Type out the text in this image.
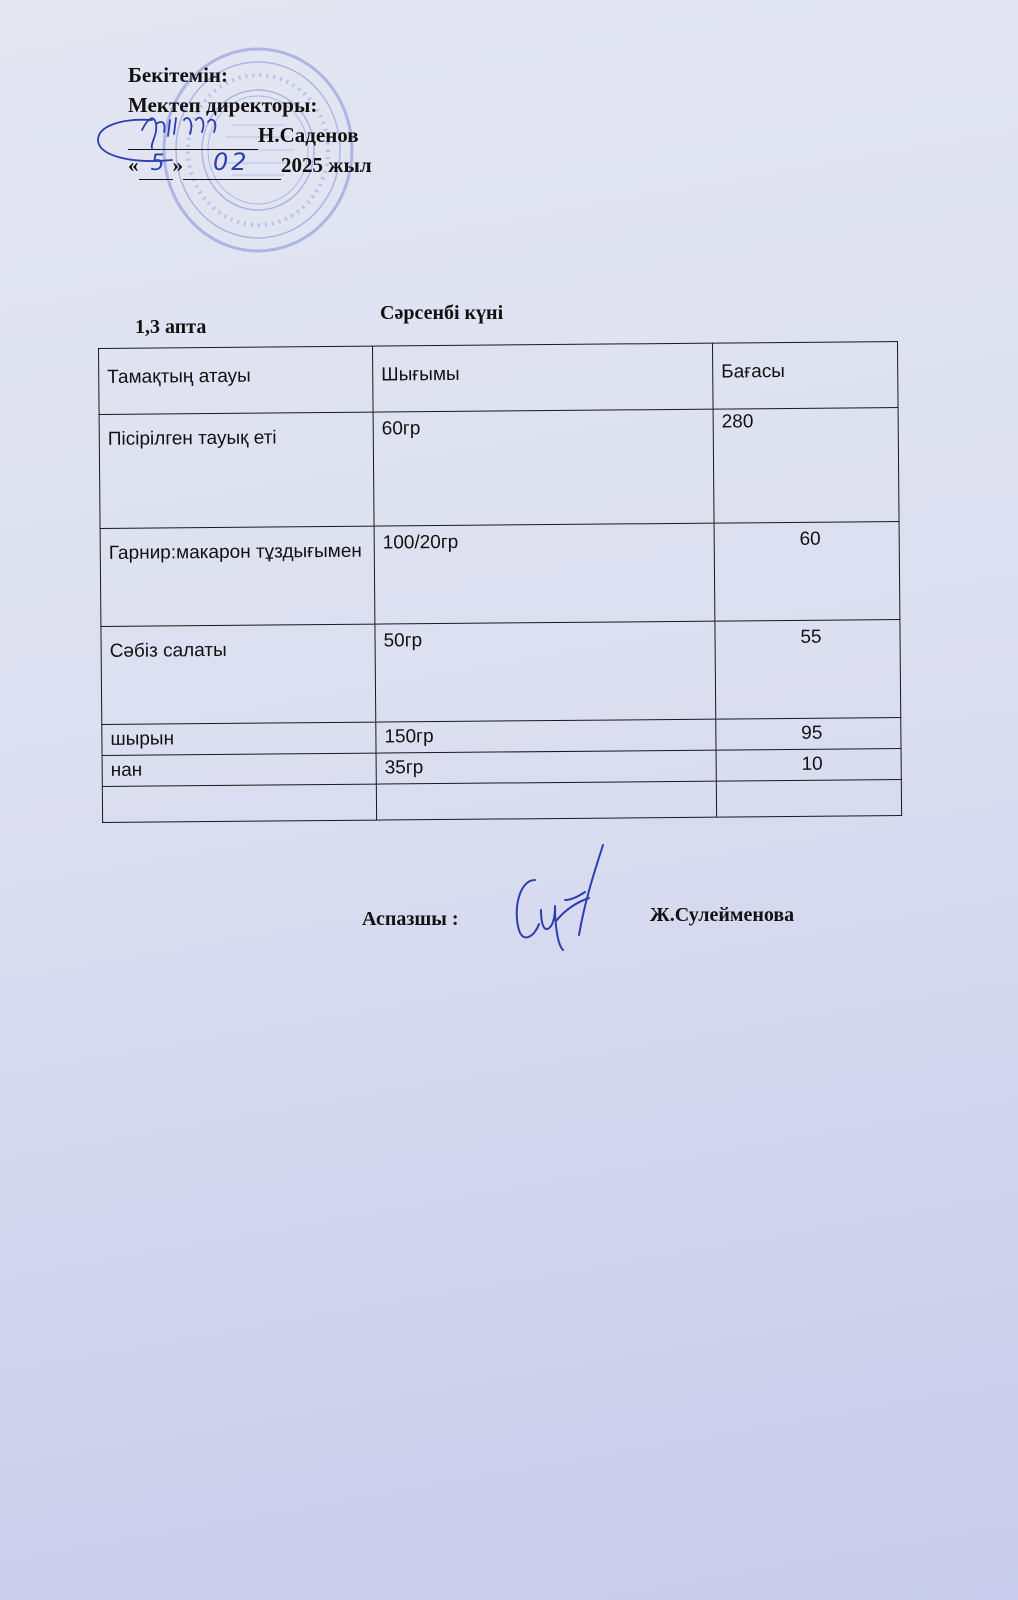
Бекітемін:
Мектеп директоры:
Н.Саденов
« 5 » 02 2025 жыл
1,3 апта
Сәрсенбі күні
Тамақтың атауы	Шығымы	Бағасы
Пісірілген тауық еті	60гр	280
Гарнир:макарон тұздығымен	100/20гр	60
Сәбіз салаты	50гр	55
шырын	150гр	95
нан	35гр	10

Аспазшы :	Ж.Сулейменова
